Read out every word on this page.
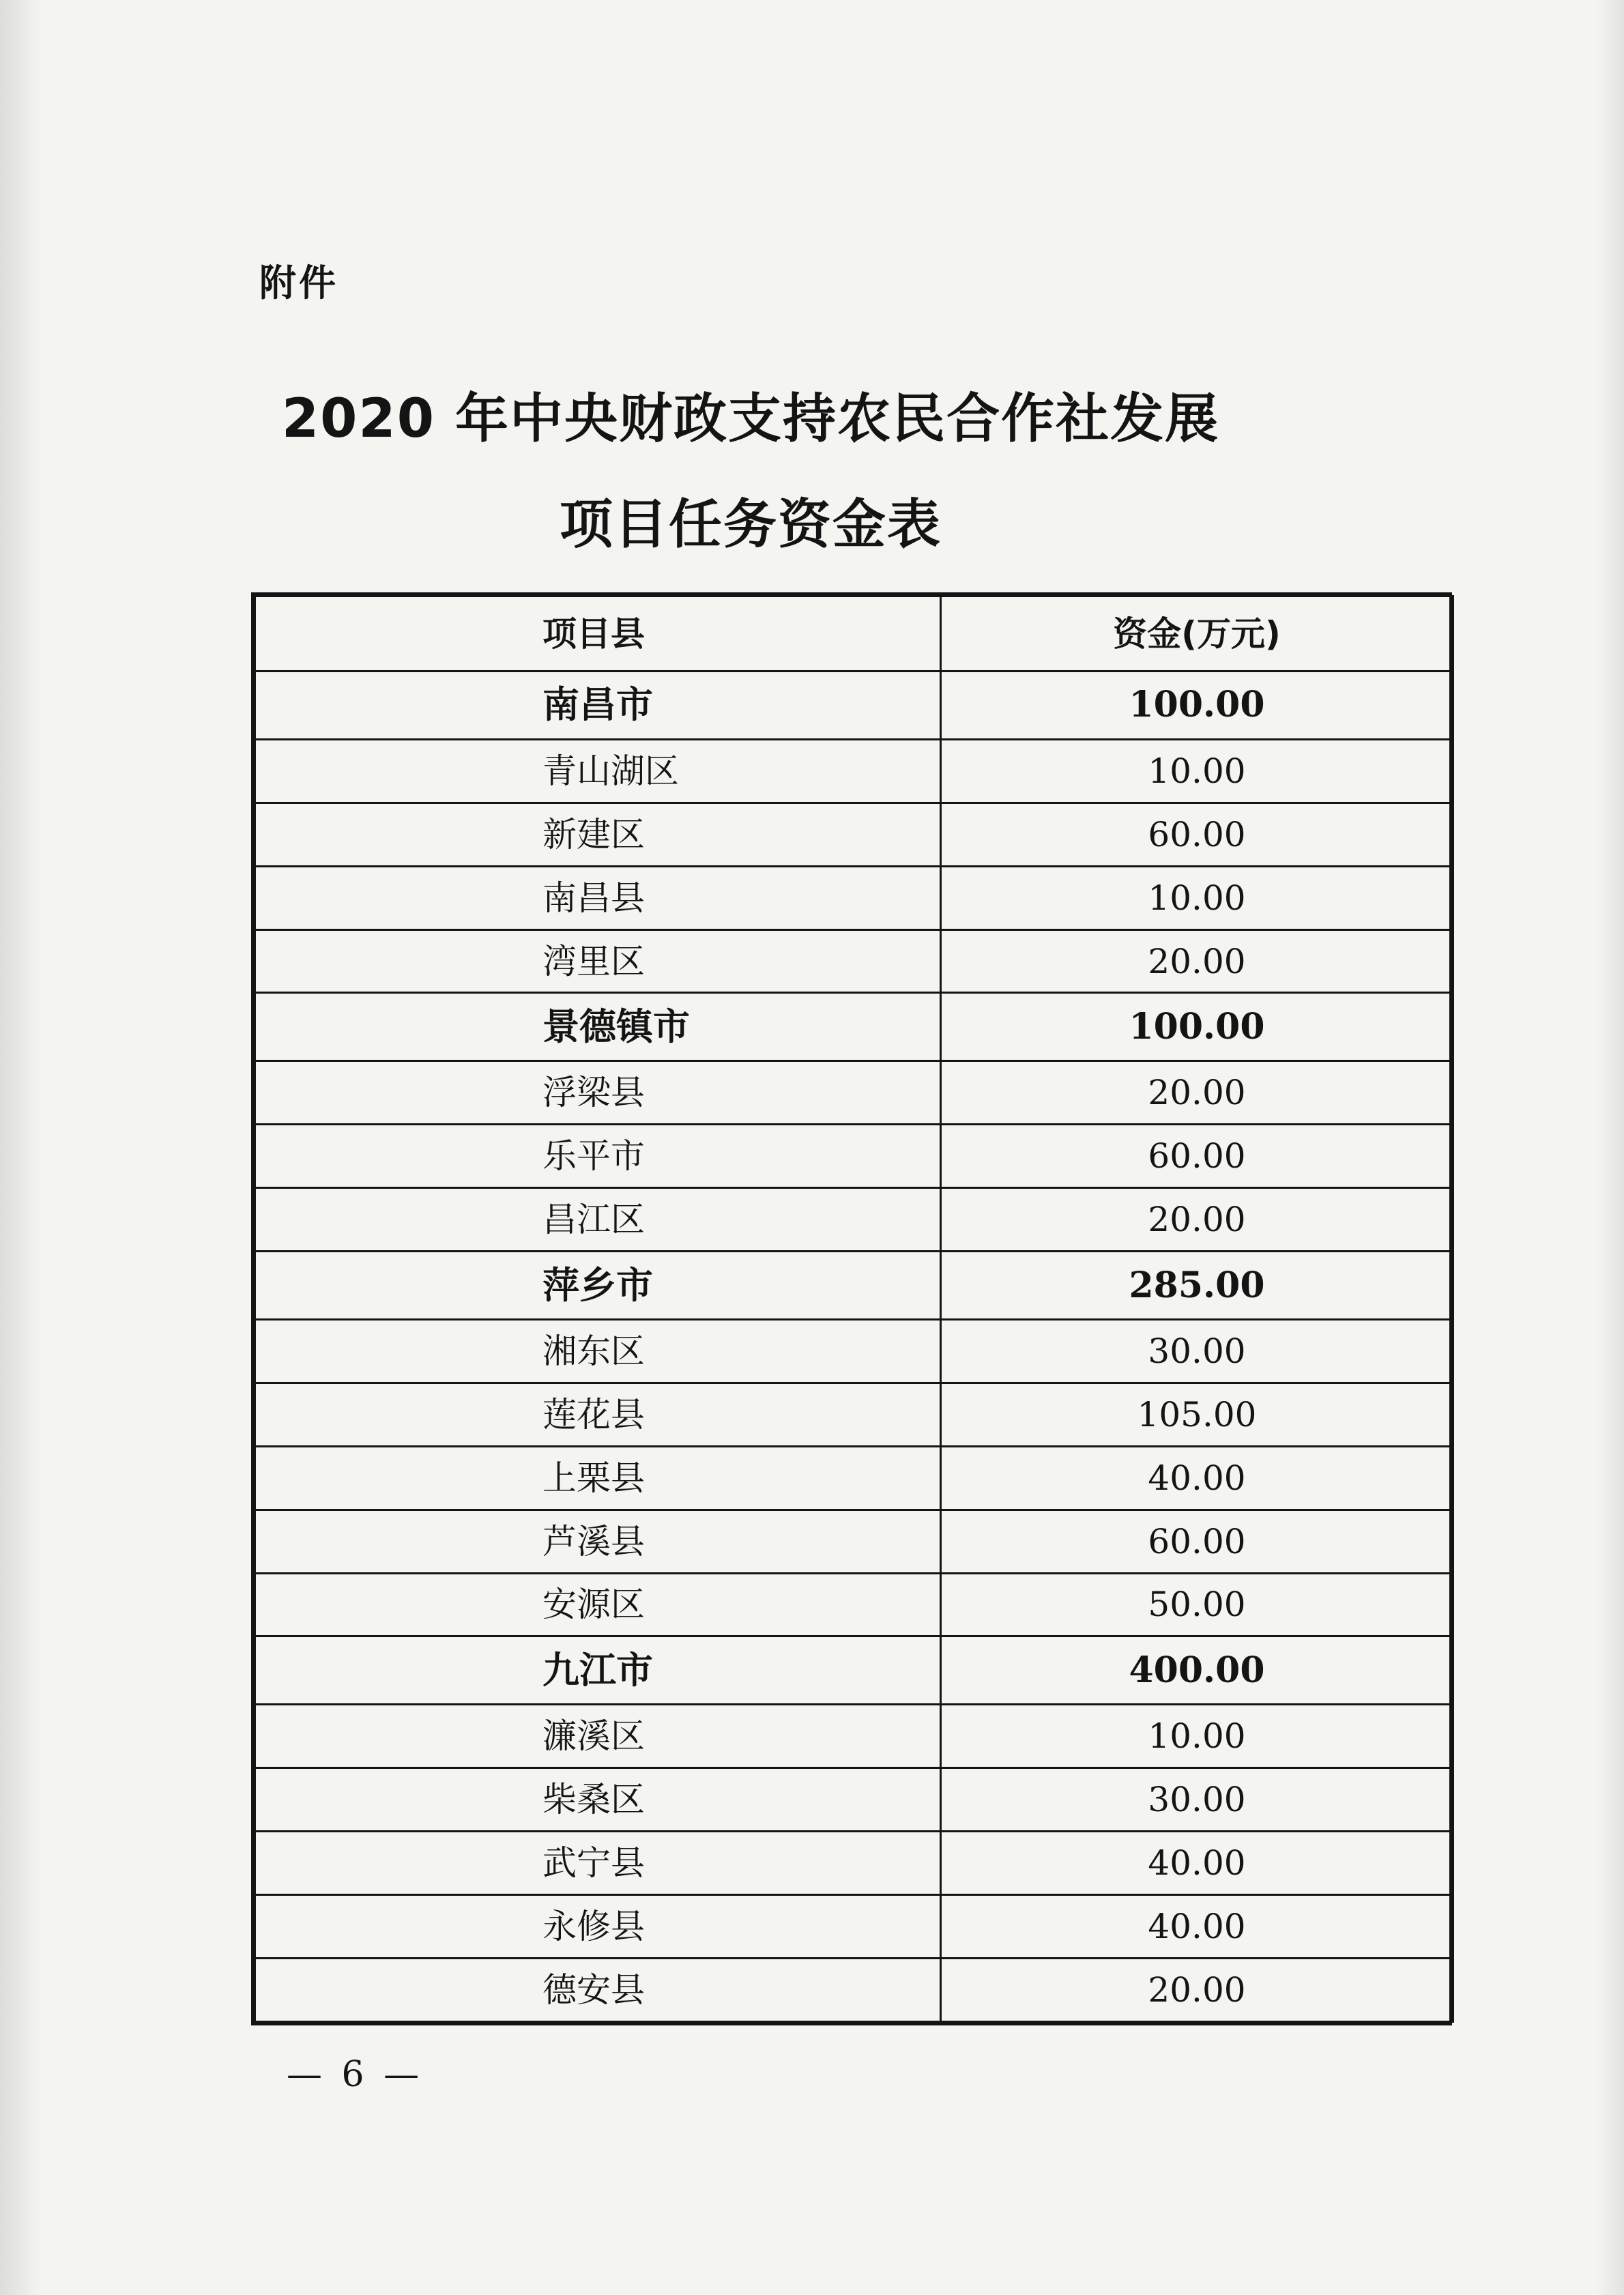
附件
2020 年中央财政支持农民合作社发展
项目任务资金表
项目县	资金(万元)
南昌市	100.00
青山湖区	10.00
新建区	60.00
南昌县	10.00
湾里区	20.00
景德镇市	100.00
浮梁县	20.00
乐平市	60.00
昌江区	20.00
萍乡市	285.00
湘东区	30.00
莲花县	105.00
上栗县	40.00
芦溪县	60.00
安源区	50.00
九江市	400.00
濂溪区	10.00
柴桑区	30.00
武宁县	40.00
永修县	40.00
德安县	20.00
— 6 —
